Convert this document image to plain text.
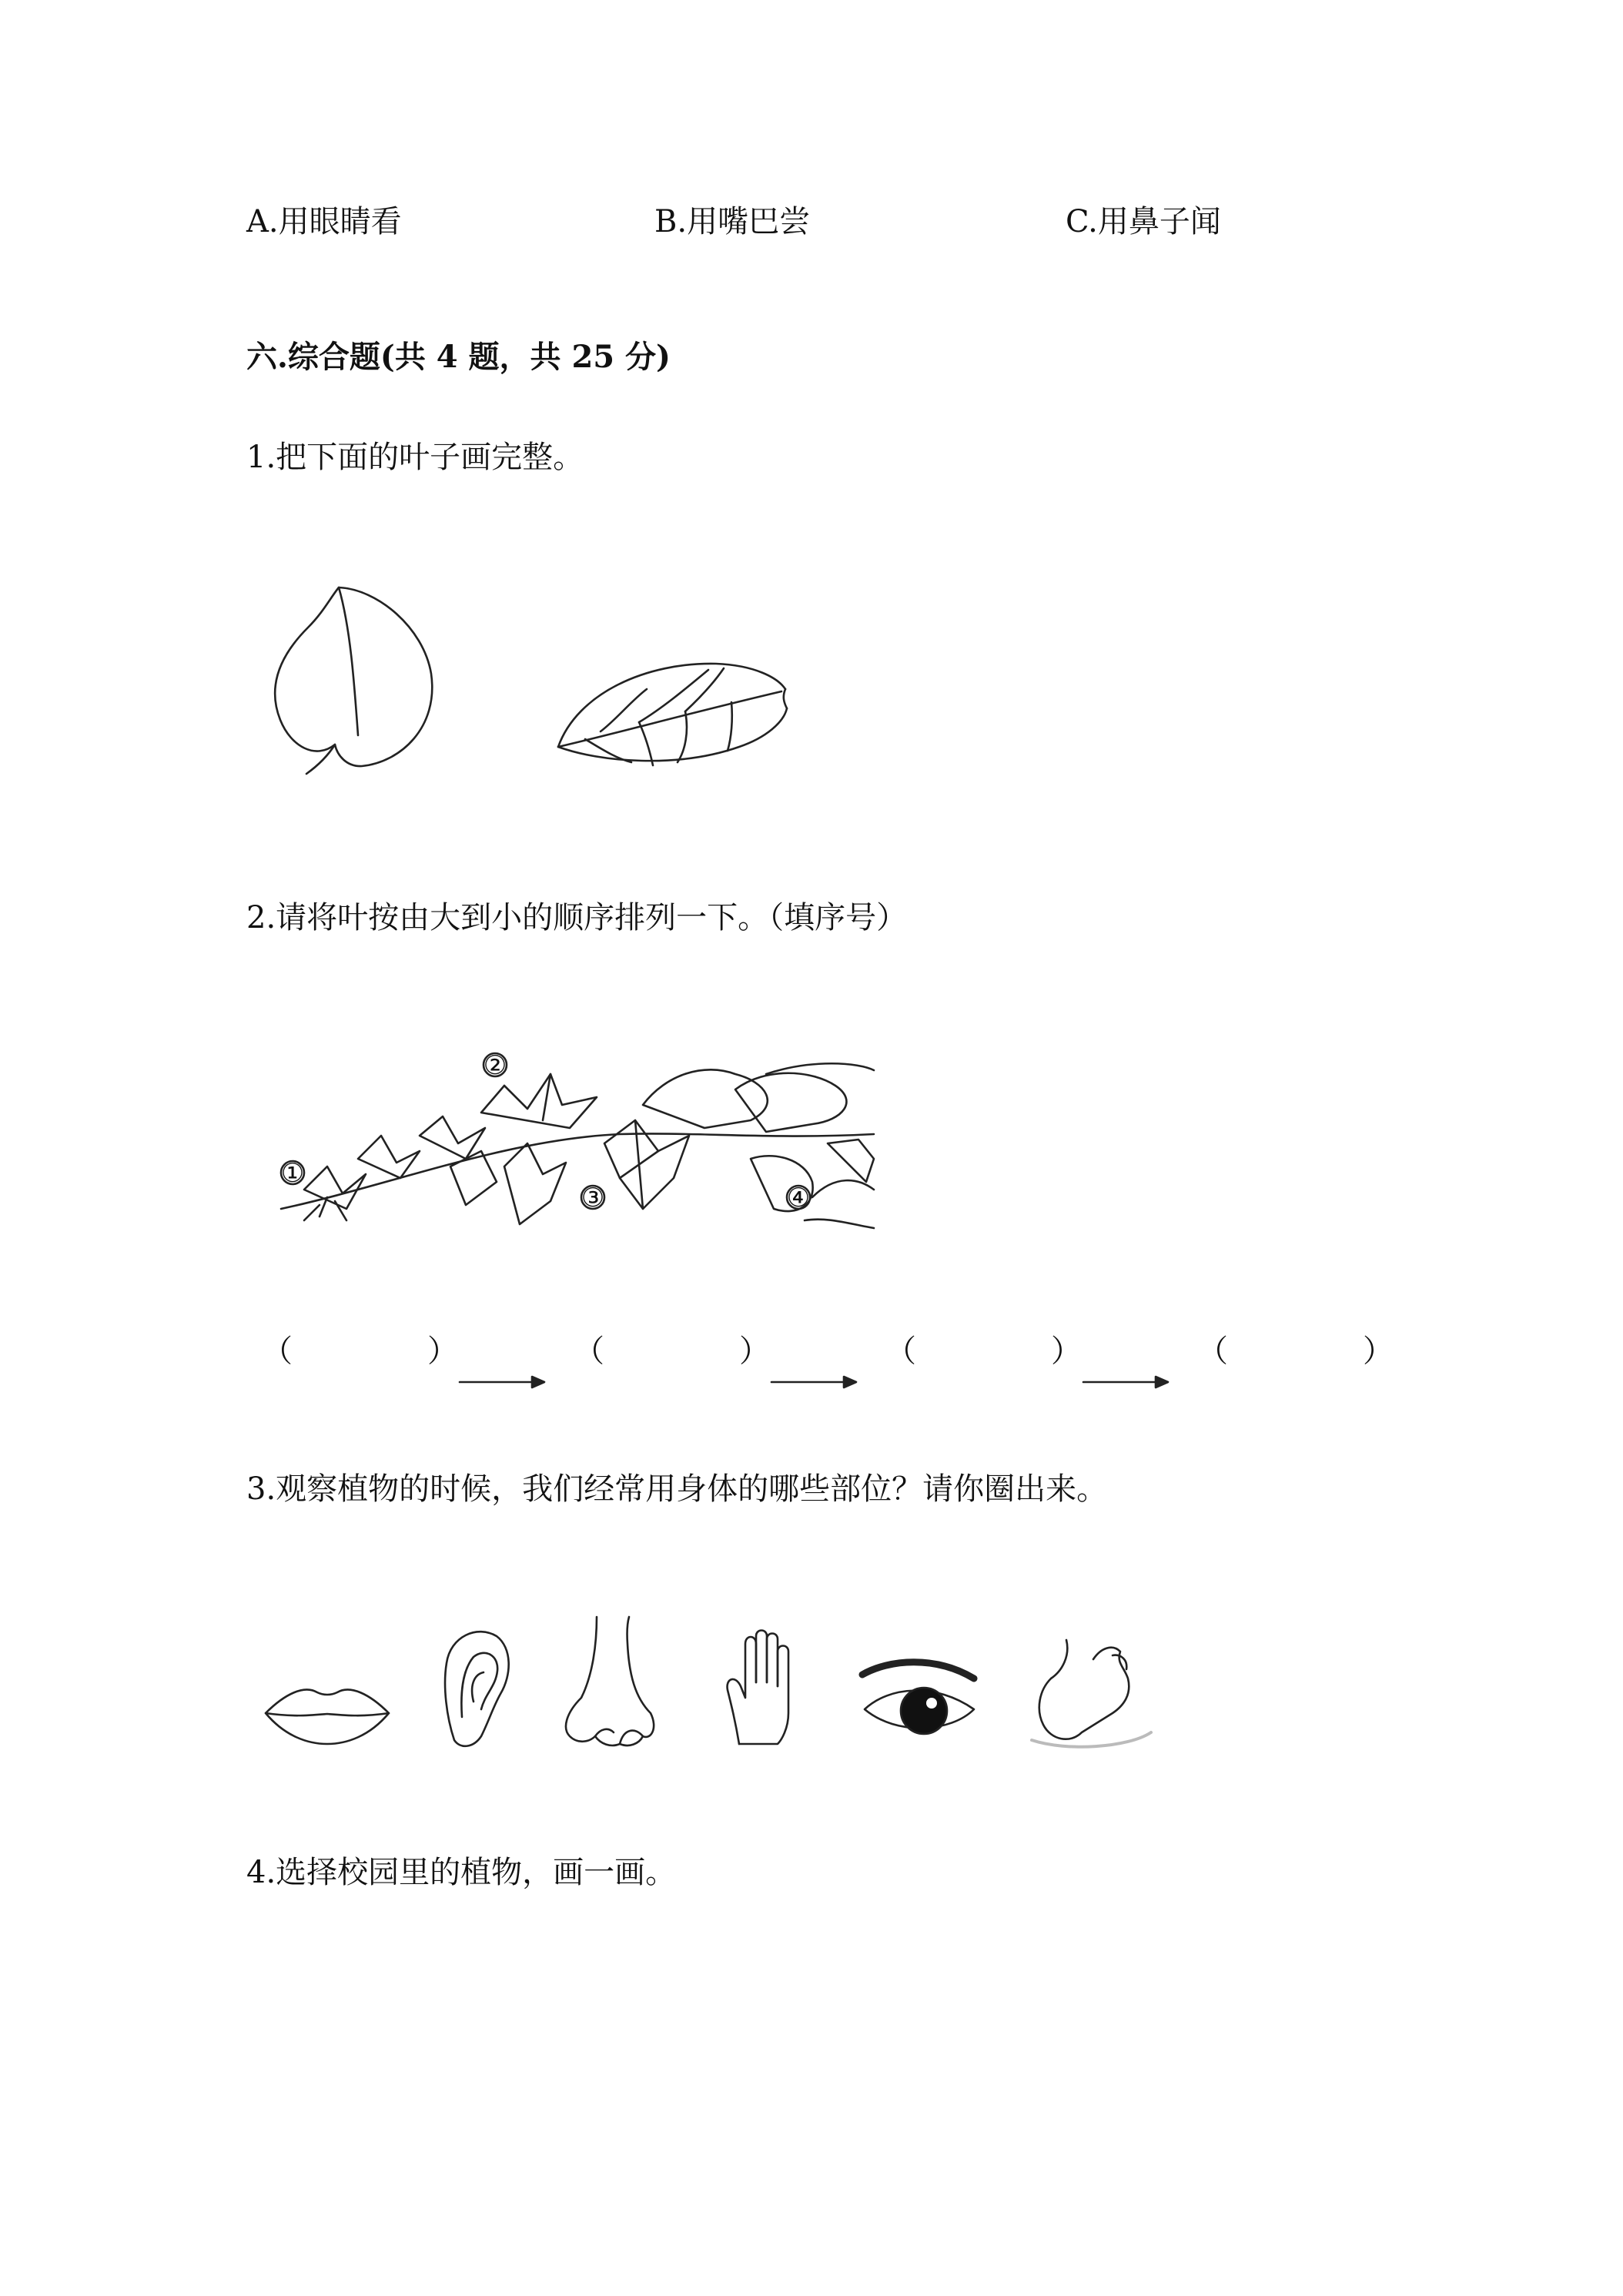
A.用眼睛看	B.用嘴巴尝	C.用鼻子闻
六.综合题(共 4 题，共 25 分)
1.把下面的叶子画完整。
2.请将叶按由大到小的顺序排列一下。（填序号）
①
②
③	④
（	）	（	）	（	）	（	）
3.观察植物的时候，我们经常用身体的哪些部位？请你圈出来。
4.选择校园里的植物，画一画。
